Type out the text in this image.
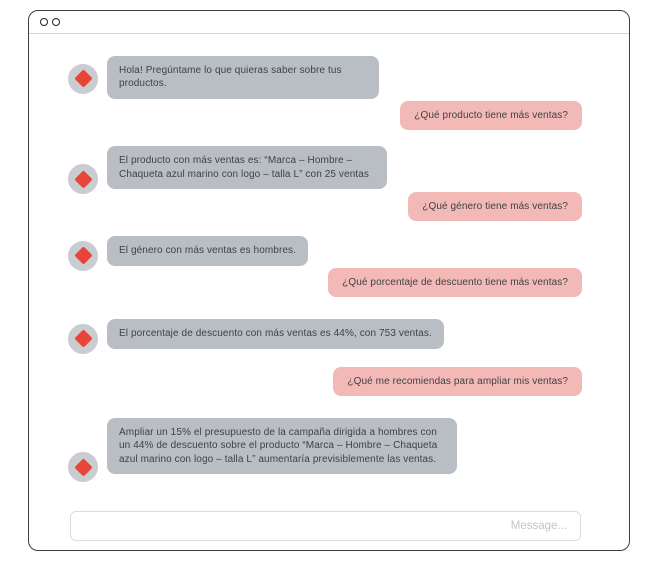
Hola! Pregúntame lo que quieras saber sobre tus productos.
¿Qué producto tiene más ventas?
El producto con más ventas es: “Marca – Hombre – Chaqueta azul marino con logo – talla L” con 25 ventas
¿Qué género tiene más ventas?
El género con más ventas es hombres.
¿Qué porcentaje de descuento tiene más ventas?
El porcentaje de descuento con más ventas es 44%, con 753 ventas.
¿Qué me recomiendas para ampliar mis ventas?
Ampliar un 15% el presupuesto de la campaña dirigida a hombres con un 44% de descuento sobre el producto “Marca – Hombre – Chaqueta azul marino con logo – talla L” aumentaría previsiblemente las ventas.
Message...
